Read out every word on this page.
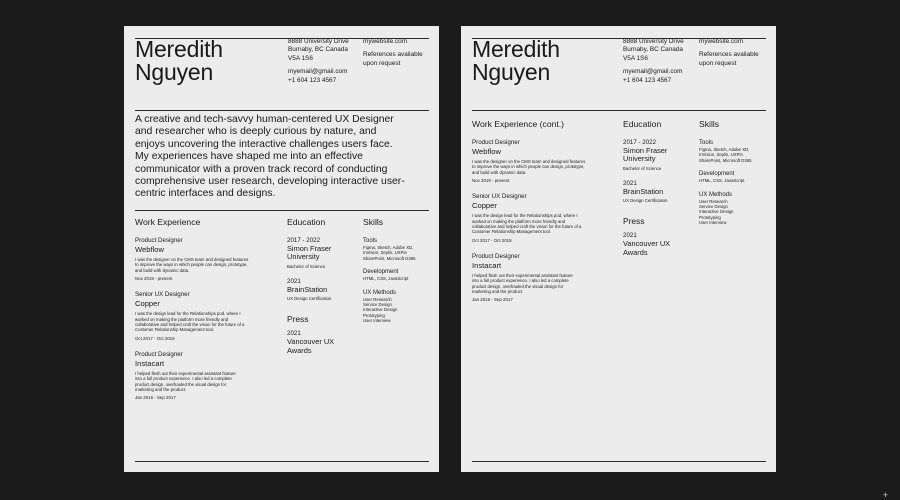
Meredith
Nguyen
8888 University Drive
Burnaby, BC Canada
V5A 1S6
myemail@gmail.com
+1 604 123 4567
mywebsite.com
References available
upon request
A creative and tech-savvy human-centered UX Designer and researcher who is deeply curious by nature, and enjoys uncovering the interactive challenges users face. My experiences have shaped me into an effective communicator with a proven track record of conducting comprehensive user research, developing interactive user-centric interfaces and designs.
Work Experience
Product Designer
Webflow
I was the designer on the CMS team and designed features to improve the ways in which people can design, prototype, and build with dynamic data.
Nov 2019 - present
Senior UX Designer
Copper
I was the design lead for the Relationships pod, where I worked on making the platform more friendly and collaborative and helped craft the vision for the future of a Customer Relationship Management tool.
Oct 2017 - Oct 2019
Product Designer
Instacart
I helped flesh out their experimental assistant feature into a full product experience. I also led a complete product design, overhauled the visual design for marketing and the product.
Jan 2016 - Sep 2017
Education
2017 - 2022
Simon Fraser
University
Bachelor of Science
2021
BrainStation
UX Design Certification
Press
2021
Vancouver UX
Awards
Skills
Tools
Figma, Sketch, Adobe XD,
InVision, Zeplin, UXPin
SharePoint, Microsoft D365
Development
HTML, CSS, JavaScript
UX Methods
User Research
Service Design
Interactive Design
Prototyping
User Interview
Meredith
Nguyen
8888 University Drive
Burnaby, BC Canada
V5A 1S6
myemail@gmail.com
+1 604 123 4567
mywebsite.com
References available
upon request
Work Experience (cont.)
Product Designer
Webflow
I was the designer on the CMS team and designed features to improve the ways in which people can design, prototype, and build with dynamic data.
Nov 2019 - present
Senior UX Designer
Copper
I was the design lead for the Relationships pod, where I worked on making the platform more friendly and collaborative and helped craft the vision for the future of a Customer Relationship Management tool.
Oct 2017 - Oct 2019
Product Designer
Instacart
I helped flesh out their experimental assistant feature into a full product experience. I also led a complete product design, overhauled the visual design for marketing and the product.
Jan 2016 - Sep 2017
Education
2017 - 2022
Simon Fraser
University
Bachelor of Science
2021
BrainStation
UX Design Certification
Press
2021
Vancouver UX
Awards
Skills
Tools
Figma, Sketch, Adobe XD,
InVision, Zeplin, UXPin
SharePoint, Microsoft D365
Development
HTML, CSS, JavaScript
UX Methods
User Research
Service Design
Interactive Design
Prototyping
User Interview
+
